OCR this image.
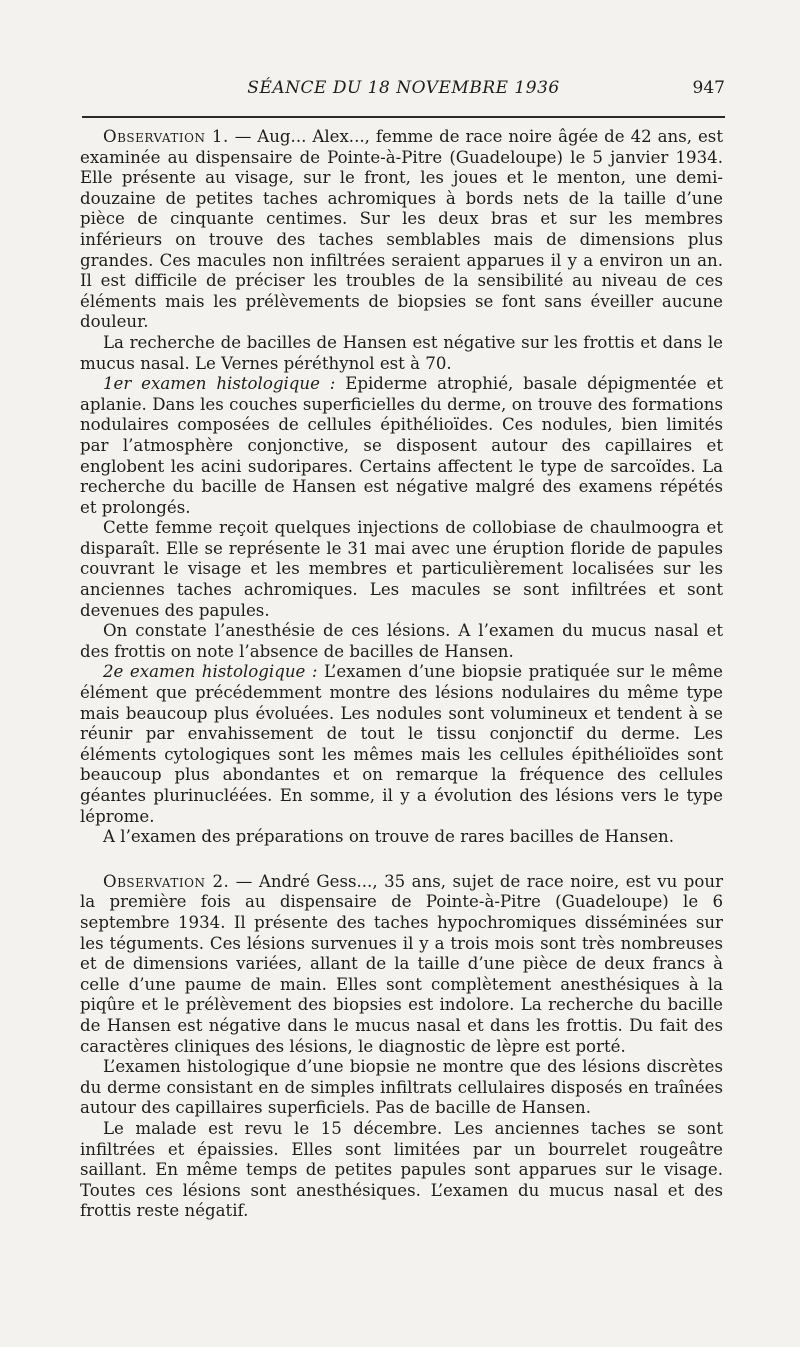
SÉANCE DU 18 NOVEMBRE 1936	947

Observation 1. — Aug... Alex..., femme de race noire âgée de 42 ans, est examinée au dispensaire de Pointe-à-Pitre (Guadeloupe) le 5 janvier 1934. Elle présente au visage, sur le front, les joues et le menton, une demi-douzaine de petites taches achromiques à bords nets de la taille d’une pièce de cinquante centimes. Sur les deux bras et sur les membres inférieurs on trouve des taches semblables mais de dimensions plus grandes. Ces macules non infiltrées seraient apparues il y a environ un an. Il est difficile de préciser les troubles de la sensibilité au niveau de ces éléments mais les prélèvements de biopsies se font sans éveiller aucune douleur.

La recherche de bacilles de Hansen est négative sur les frottis et dans le mucus nasal. Le Vernes péréthynol est à 70.

1er examen histologique : Epiderme atrophié, basale dépigmentée et aplanie. Dans les couches superficielles du derme, on trouve des formations nodulaires composées de cellules épithélioïdes. Ces nodules, bien limités par l’atmosphère conjonctive, se disposent autour des capillaires et englobent les acini sudoripares. Certains affectent le type de sarcoïdes. La recherche du bacille de Hansen est négative malgré des examens répétés et prolongés.

Cette femme reçoit quelques injections de collobiase de chaulmoogra et disparaît. Elle se représente le 31 mai avec une éruption floride de papules couvrant le visage et les membres et particulièrement localisées sur les anciennes taches achromiques. Les macules se sont infiltrées et sont devenues des papules.

On constate l’anesthésie de ces lésions. A l’examen du mucus nasal et des frottis on note l’absence de bacilles de Hansen.

2e examen histologique : L’examen d’une biopsie pratiquée sur le même élément que précédemment montre des lésions nodulaires du même type mais beaucoup plus évoluées. Les nodules sont volumineux et tendent à se réunir par envahissement de tout le tissu conjonctif du derme. Les éléments cytologiques sont les mêmes mais les cellules épithélioïdes sont beaucoup plus abondantes et on remarque la fréquence des cellules géantes plurinucléées. En somme, il y a évolution des lésions vers le type léprome.

A l’examen des préparations on trouve de rares bacilles de Hansen.

Observation 2. — André Gess..., 35 ans, sujet de race noire, est vu pour la première fois au dispensaire de Pointe-à-Pitre (Guadeloupe) le 6 septembre 1934. Il présente des taches hypochromiques disséminées sur les téguments. Ces lésions survenues il y a trois mois sont très nombreuses et de dimensions variées, allant de la taille d’une pièce de deux francs à celle d’une paume de main. Elles sont complètement anesthésiques à la piqûre et le prélèvement des biopsies est indolore. La recherche du bacille de Hansen est négative dans le mucus nasal et dans les frottis. Du fait des caractères cliniques des lésions, le diagnostic de lèpre est porté.

L’examen histologique d’une biopsie ne montre que des lésions discrètes du derme consistant en de simples infiltrats cellulaires disposés en traînées autour des capillaires superficiels. Pas de bacille de Hansen.

Le malade est revu le 15 décembre. Les anciennes taches se sont infiltrées et épaissies. Elles sont limitées par un bourrelet rougeâtre saillant. En même temps de petites papules sont apparues sur le visage. Toutes ces lésions sont anesthésiques. L’examen du mucus nasal et des frottis reste négatif.
